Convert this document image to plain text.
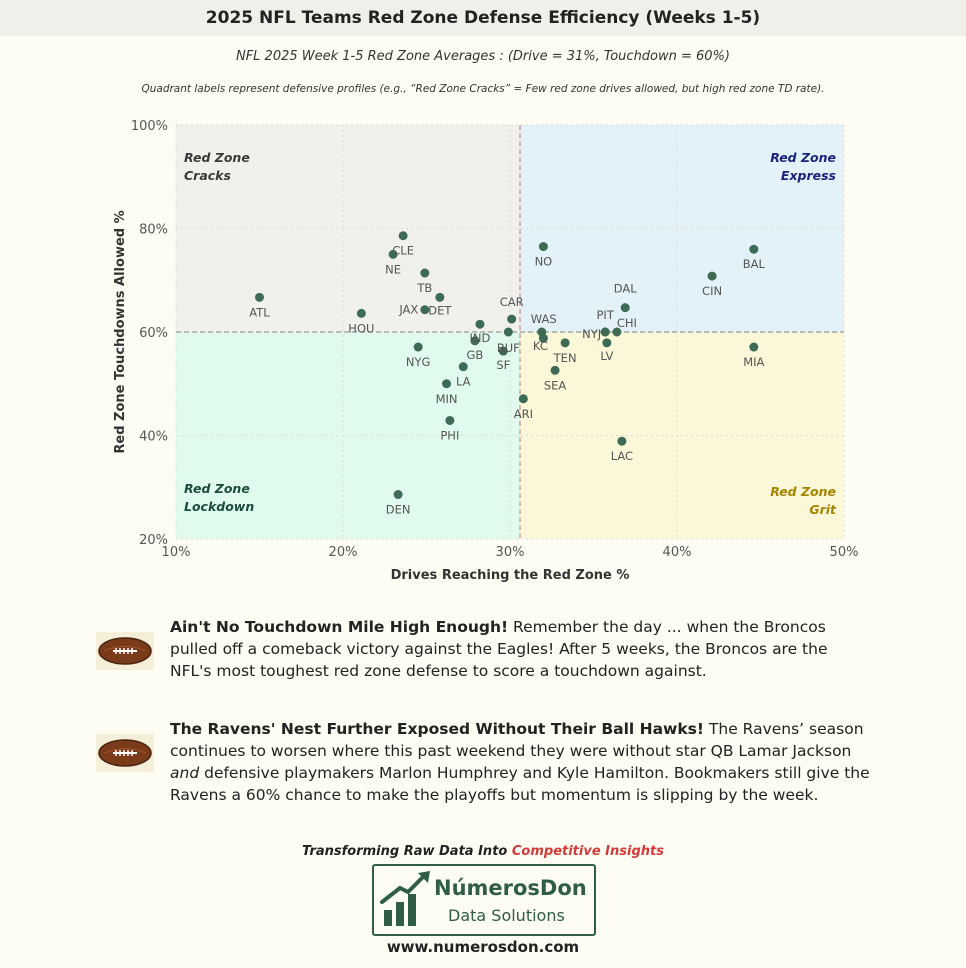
2025 NFL Teams Red Zone Defense Efficiency (Weeks 1-5)
NFL 2025 Week 1-5 Red Zone Averages : (Drive = 31%, Touchdown = 60%)
Quadrant labels represent defensive profiles (e.g., “Red Zone Cracks” = Few red zone drives allowed, but high red zone TD rate).
10%	20%	30%	40%	50%
20%
40%
60%
80%
100%
Drives Reaching the Red Zone %
Red Zone Touchdowns Allowed %
Red Zone
Cracks
Red Zone
Express
Red Zone
Lockdown
Red Zone
Grit
ATL
HOU
NE
CLE
NYG
DEN
TB
JAX DET
MIN
PHI
LA
GB
IND
SF
BUF
CAR
ARI
NO
WAS
KC
SEA
TEN
PIT
NYJ
LV
CHI
DAL
LAC
CIN
BAL
MIA
Ain't No Touchdown Mile High Enough! Remember the day ... when the Broncos pulled off a comeback victory against the Eagles! After 5 weeks, the Broncos are the NFL's most toughest red zone defense to score a touchdown against.
The Ravens' Nest Further Exposed Without Their Ball Hawks! The Ravens’ season continues to worsen where this past weekend they were without star QB Lamar Jackson and defensive playmakers Marlon Humphrey and Kyle Hamilton. Bookmakers still give the Ravens a 60% chance to make the playoffs but momentum is slipping by the week.
Transforming Raw Data Into Competitive Insights
NúmerosDon
Data Solutions
www.numerosdon.com
